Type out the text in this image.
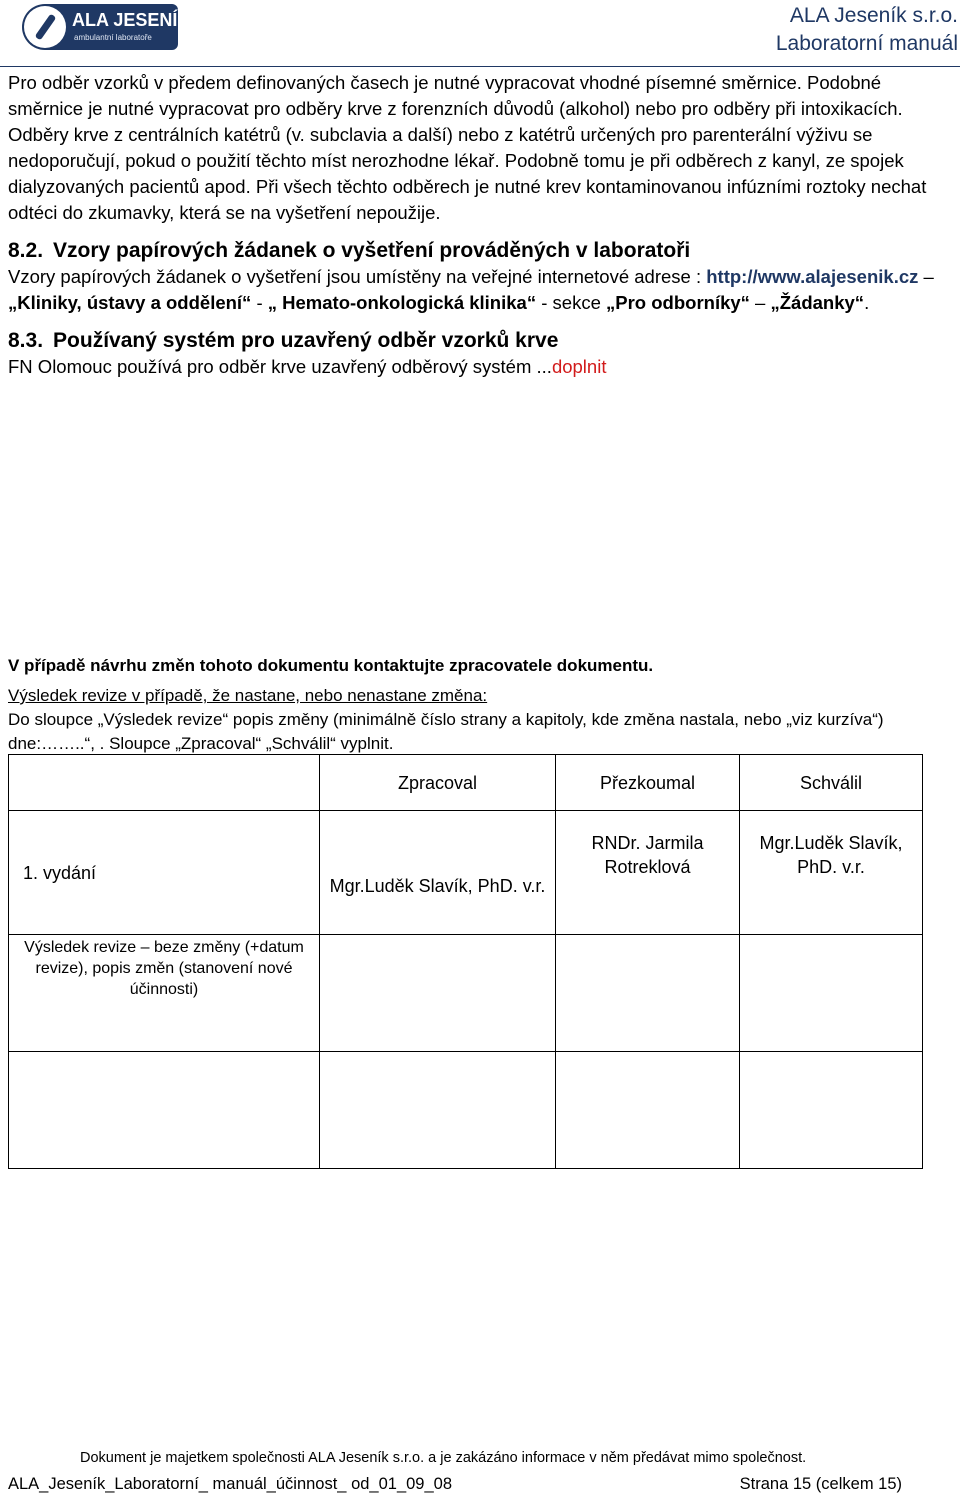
ALA JESENÍK s.r.o.
ambulantní laboratoře
ALA Jeseník s.r.o.
Laboratorní manuál

Pro odběr vzorků v předem definovaných časech je nutné vypracovat vhodné písemné směrnice. Podobné směrnice je nutné vypracovat pro odběry krve z forenzních důvodů (alkohol) nebo pro odběry při intoxikacích.

Odběry krve z centrálních katétrů (v. subclavia a další) nebo z katétrů určených pro parenterální výživu se nedoporučují, pokud o použití těchto míst nerozhodne lékař. Podobně tomu je při odběrech z kanyl, ze spojek dialyzovaných pacientů apod. Při všech těchto odběrech je nutné krev kontaminovanou infúzními roztoky nechat odtéci do zkumavky, která se na vyšetření nepoužije.

8.2. Vzory papírových žádanek o vyšetření prováděných v laboratoři

Vzory papírových žádanek o vyšetření jsou umístěny na veřejné internetové adrese : http://www.alajesenik.cz – „Kliniky, ústavy a oddělení“ - „ Hemato-onkologická klinika“ - sekce „Pro odborníky“ – „Žádanky“.

8.3. Používaný systém pro uzavřený odběr vzorků krve

FN Olomouc používá pro odběr krve uzavřený odběrový systém ...doplnit

V případě návrhu změn tohoto dokumentu kontaktujte zpracovatele dokumentu.

Výsledek revize v případě, že nastane, nebo nenastane změna:

Do sloupce „Výsledek revize“ popis změny (minimálně číslo strany a kapitoly, kde změna nastala, nebo „viz kurzíva“) dne:……..“, . Sloupce „Zpracoval“ „Schválil“ vyplnit.

	Zpracoval	Přezkoumal	Schválil
1. vydání	Mgr.Luděk Slavík, PhD. v.r.	RNDr. Jarmila Rotreklová	Mgr.Luděk Slavík, PhD. v.r.
Výsledek revize – beze změny (+datum revize), popis změn (stanovení nové účinnosti)			

Dokument je majetkem společnosti ALA Jeseník s.r.o. a je zakázáno informace v něm předávat mimo společnost.
ALA_Jeseník_Laboratorní_ manuál_účinnost_ od_01_09_08	Strana 15 (celkem 15)
